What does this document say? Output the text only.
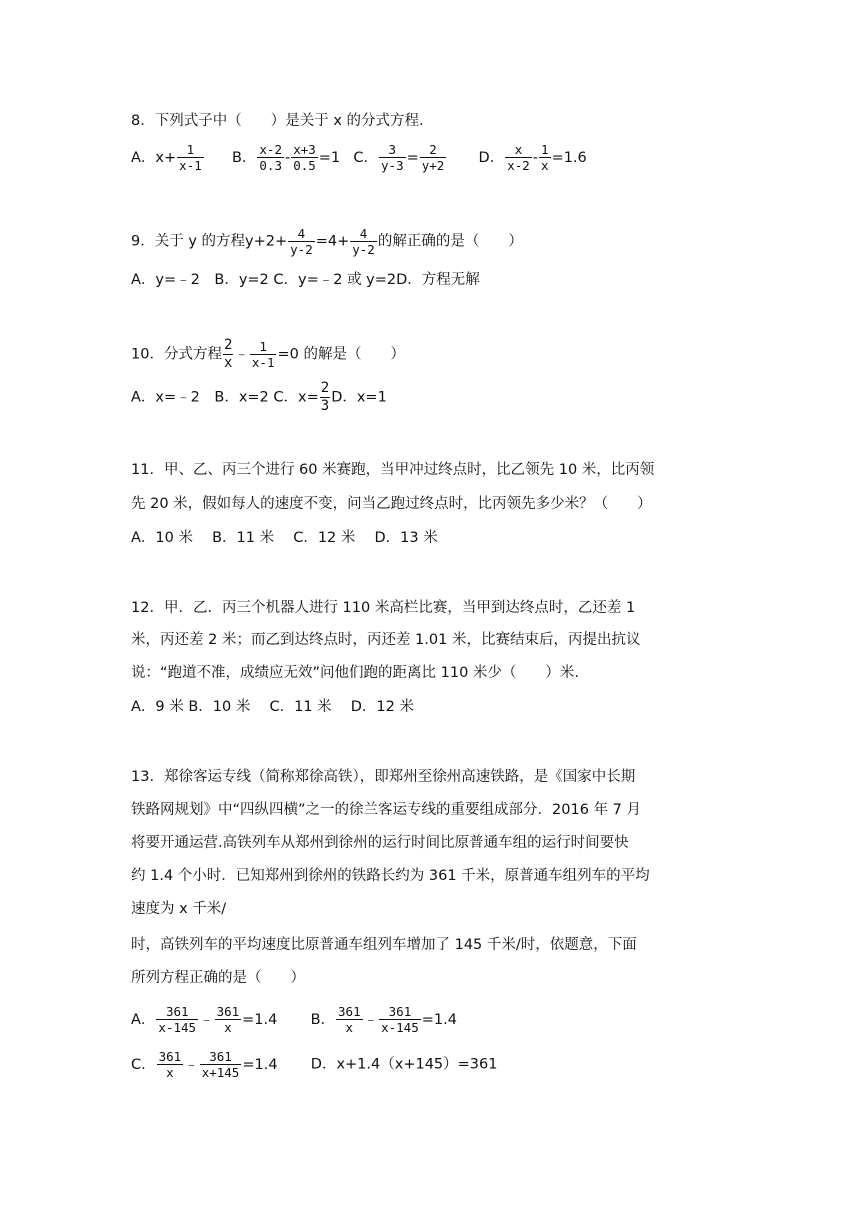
8．下列式子中（　　）是关于 x 的分式方程.
A．$x+ \frac{1}{x-1}$ B． $\frac{x-2}{0.3} - \frac{x+3}{0.5} =1$ C． $\frac{3}{y-3} = \frac{2}{y+2}$ D． $\frac{x}{x-2} - \frac{1}{x} =1.6$
9．关于 y 的方程$y+2+ \frac{4}{y-2} =4+ \frac{4}{y-2}$ 的解正确的是（　　）
A．y=﹣2　B．y=2 C．y=﹣2 或 y=2D．方程无解
10．分式方程 $\frac{2}{x}$ ﹣ $\frac{1}{x-1} =0$ 的解是（　　）
A．x=﹣2　B．x=2 C．$x= \frac{2}{3}$ D．x=1
11．甲、乙、丙三个进行 60 米赛跑，当甲冲过终点时，比乙领先 10 米，比丙领
先 20 米，假如每人的速度不变，问当乙跑过终点时，比丙领先多少米？（　　）
A．10 米　 B．11 米　 C．12 米　 D．13 米
12．甲．乙．丙三个机器人进行 110 米高栏比赛，当甲到达终点时，乙还差 1
米，丙还差 2 米；而乙到达终点时，丙还差 1.01 米，比赛结束后，丙提出抗议
说：“跑道不准，成绩应无效”问他们跑的距离比 110 米少（　　）米.
A．9 米 B．10 米　 C．11 米　 D．12 米
13．郑徐客运专线（简称郑徐高铁），即郑州至徐州高速铁路，是《国家中长期
铁路网规划》中“四纵四横”之一的徐兰客运专线的重要组成部分．2016 年 7 月
将要开通运营.高铁列车从郑州到徐州的运行时间比原普通车组的运行时间要快
约 1.4 个小时．已知郑州到徐州的铁路长约为 361 千米，原普通车组列车的平均
速度为 x 千米/
时，高铁列车的平均速度比原普通车组列车增加了 145 千米/时，依题意，下面
所列方程正确的是（　　）
A． $\frac{361}{x-145}$ ﹣ $\frac{361}{x} =1.4$ B． $\frac{361}{x}$ ﹣ $\frac{361}{x-145} =1.4$
C． $\frac{361}{x}$ ﹣ $\frac{361}{x+145} =1.4$ D．x+1.4（x+145）=361
